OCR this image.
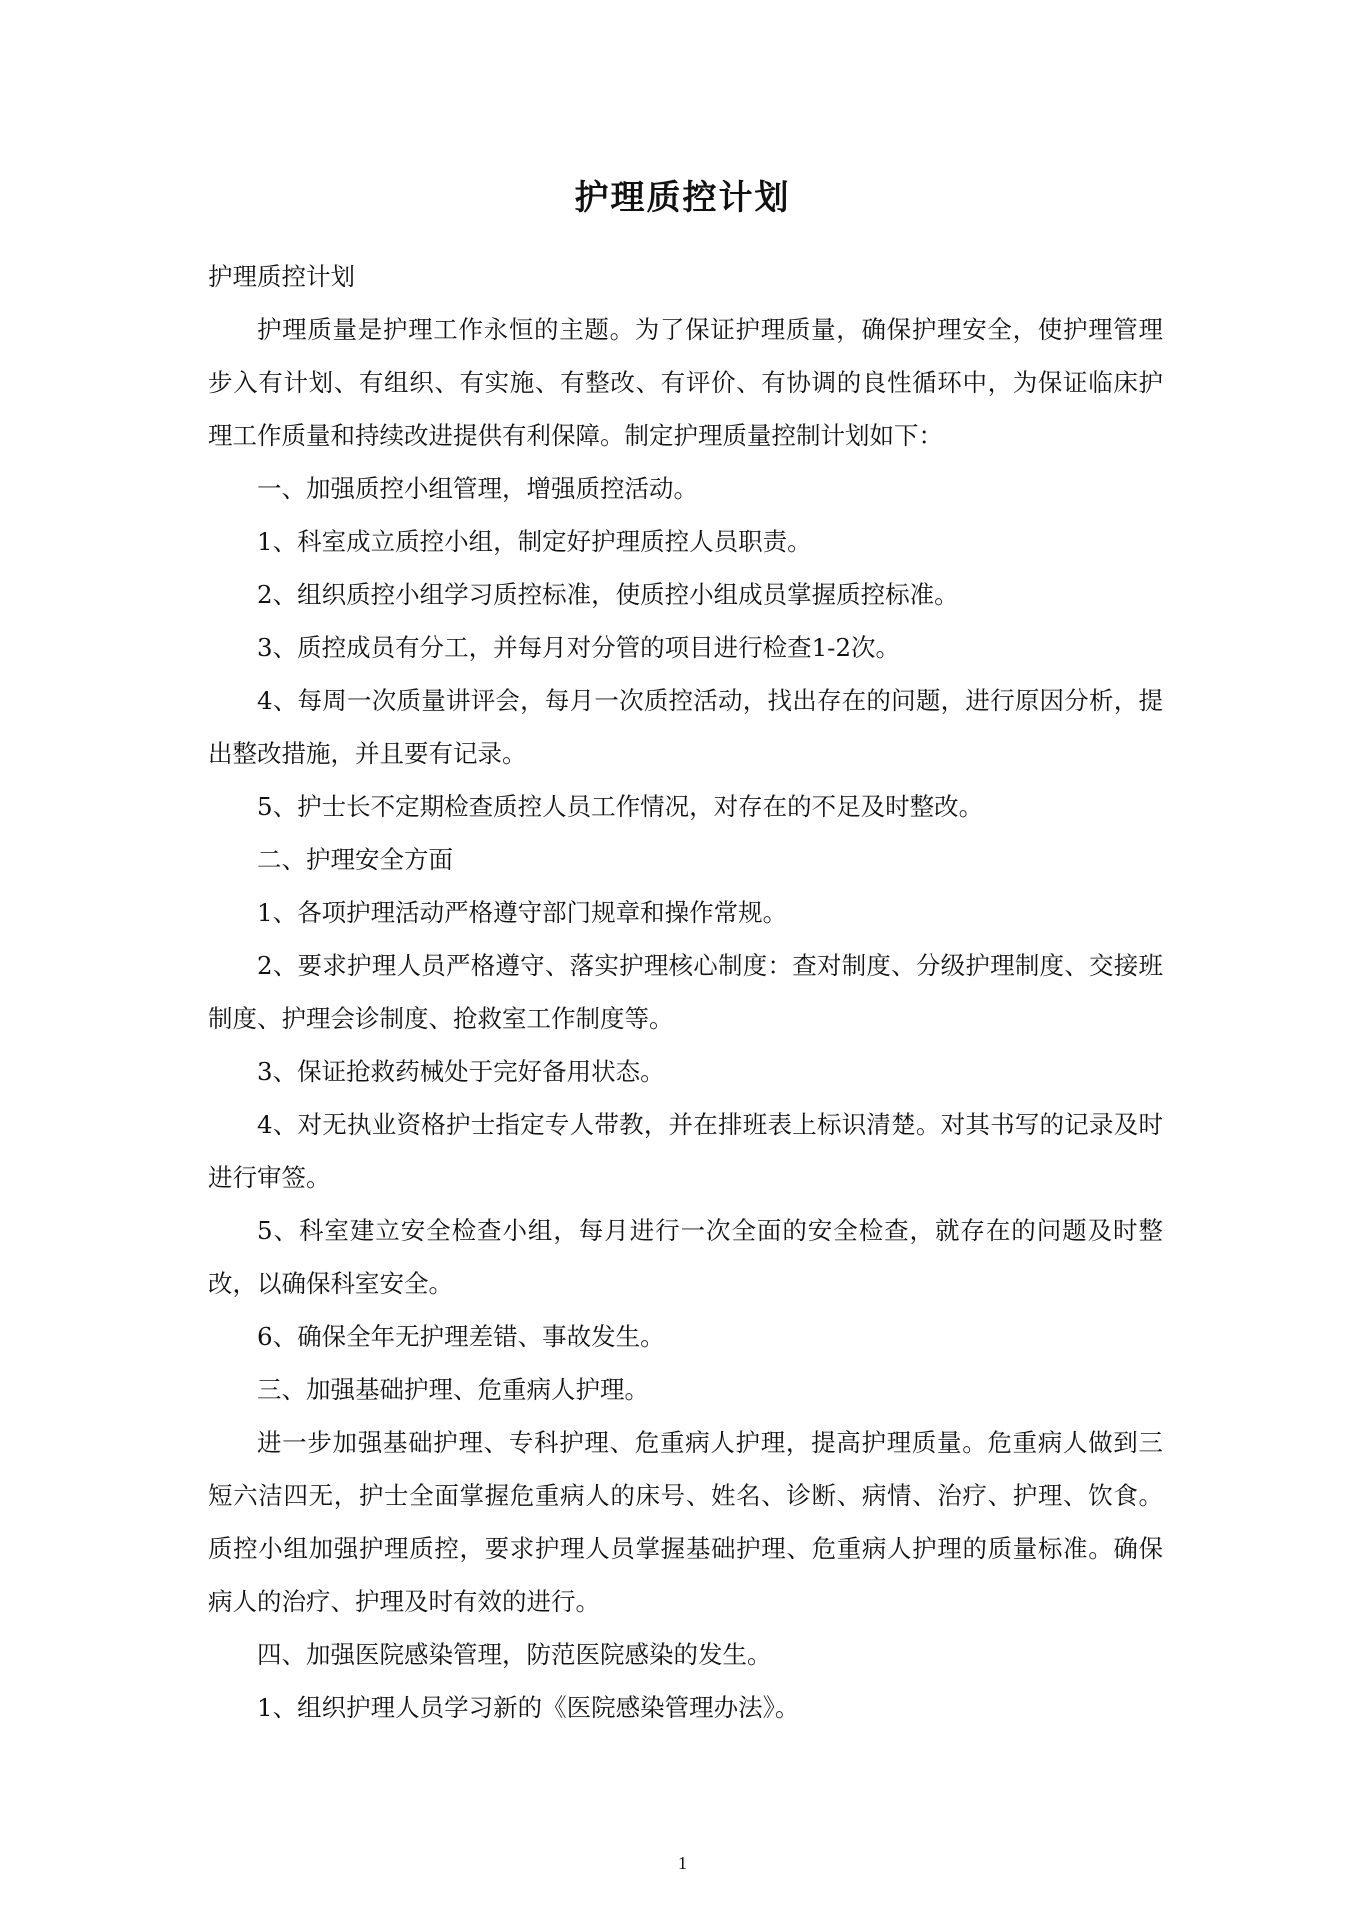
护理质控计划

护理质控计划

护理质量是护理工作永恒的主题。为了保证护理质量，确保护理安全，使护理管理步入有计划、有组织、有实施、有整改、有评价、有协调的良性循环中，为保证临床护理工作质量和持续改进提供有利保障。制定护理质量控制计划如下：

一、加强质控小组管理，增强质控活动。

1、科室成立质控小组，制定好护理质控人员职责。

2、组织质控小组学习质控标准，使质控小组成员掌握质控标准。

3、质控成员有分工，并每月对分管的项目进行检查1-2次。

4、每周一次质量讲评会，每月一次质控活动，找出存在的问题，进行原因分析，提出整改措施，并且要有记录。

5、护士长不定期检查质控人员工作情况，对存在的不足及时整改。

二、护理安全方面

1、各项护理活动严格遵守部门规章和操作常规。

2、要求护理人员严格遵守、落实护理核心制度：查对制度、分级护理制度、交接班制度、护理会诊制度、抢救室工作制度等。

3、保证抢救药械处于完好备用状态。

4、对无执业资格护士指定专人带教，并在排班表上标识清楚。对其书写的记录及时进行审签。

5、科室建立安全检查小组，每月进行一次全面的安全检查，就存在的问题及时整改，以确保科室安全。

6、确保全年无护理差错、事故发生。

三、加强基础护理、危重病人护理。

进一步加强基础护理、专科护理、危重病人护理，提高护理质量。危重病人做到三短六洁四无，护士全面掌握危重病人的床号、姓名、诊断、病情、治疗、护理、饮食。质控小组加强护理质控，要求护理人员掌握基础护理、危重病人护理的质量标准。确保病人的治疗、护理及时有效的进行。

四、加强医院感染管理，防范医院感染的发生。

1、组织护理人员学习新的《医院感染管理办法》。

1
